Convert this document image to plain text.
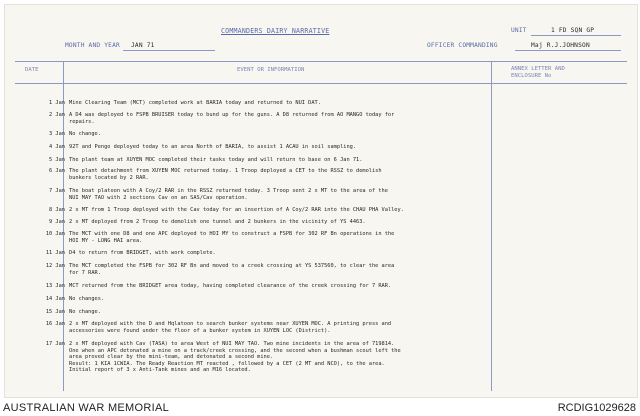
COMMANDERS DAIRY NARRATIVE	UNIT	1 FD SQN GP
MONTH AND YEAR JAN 71	OFFICER COMMANDING	Maj R.J.JOHNSON
DATE	EVENT OR INFORMATION	ANNEX LETTER AND
ENCLOSURE No
1 Jan Mine Clearing Team (MCT) completed work at BARIA today and returned to NUI DAT.
2 Jan A D4 was deployed to FSPB BRUISER today to bund up for the guns. A D8 returned from AO MANGO today for
repairs.
3 Jan No change.
4 Jan 92T and Pengo deployed today to an area North of BARIA, to assist 1 ACAU in soil sampling.
5 Jan The plant team at XUYEN MOC completed their tasks today and will return to base on 6 Jan 71.
6 Jan The plant detachment from XUYEN MOC returned today. 1 Troop deployed a CET to the RSSZ to demolish
bunkers located by 2 RAR.
7 Jan The boat platoon with A Coy/2 RAR in the RSSZ returned today. 3 Troop sent 2 x MT to the area of the
NUI MAY TAO with 2 sections Cav on an SAS/Cav operation.
8 Jan 2 x MT from 1 Troop deployed with the Cav today for an insertion of A Coy/2 RAR into the CHAU PHA Valley.
9 Jan 2 x MT deployed from 2 Troop to demolish one tunnel and 2 bunkers in the vicinity of YS 4463.
10 Jan The MCT with one D8 and one APC deployed to HOI MY to construct a FSPB for 302 RF Bn operations in the
HOI MY - LONG HAI area.
11 Jan D4 to return from BRIDGET, with work complete.
12 Jan The MCT completed the FSPB for 302 RF Bn and moved to a creek crossing at YS 537560, to clear the area
for 7 RAR.
13 Jan MCT returned from the BRIDGET area today, having completed clearance of the creek crossing for 7 RAR.
14 Jan No changes.
15 Jan No change.
16 Jan 2 x MT deployed with the D and Hqlatoon to search bunker systems near XUYEN MOC. A printing press and
accessories were found under the floor of a bunker system in XUYEN LOC (District).
17 Jan 2 x MT deployed with Cav (TASA) to area West of NUI MAY TAO. Two mine incidents in the area of 719814.
One when an APC detonated a mine on a track/creek crossing, and the second when a bushman scout left the
area proved clear by the mini-team, and detonated a second mine.
Result: 1 KIA 1CWIA. The Ready Reaction MT reacted , followed by a CET (2 MT and NCO), to the area.
Initial report of 3 x Anti-Tank mines and an M16 located.
AUSTRALIAN WAR MEMORIAL	RCDIG1029628
